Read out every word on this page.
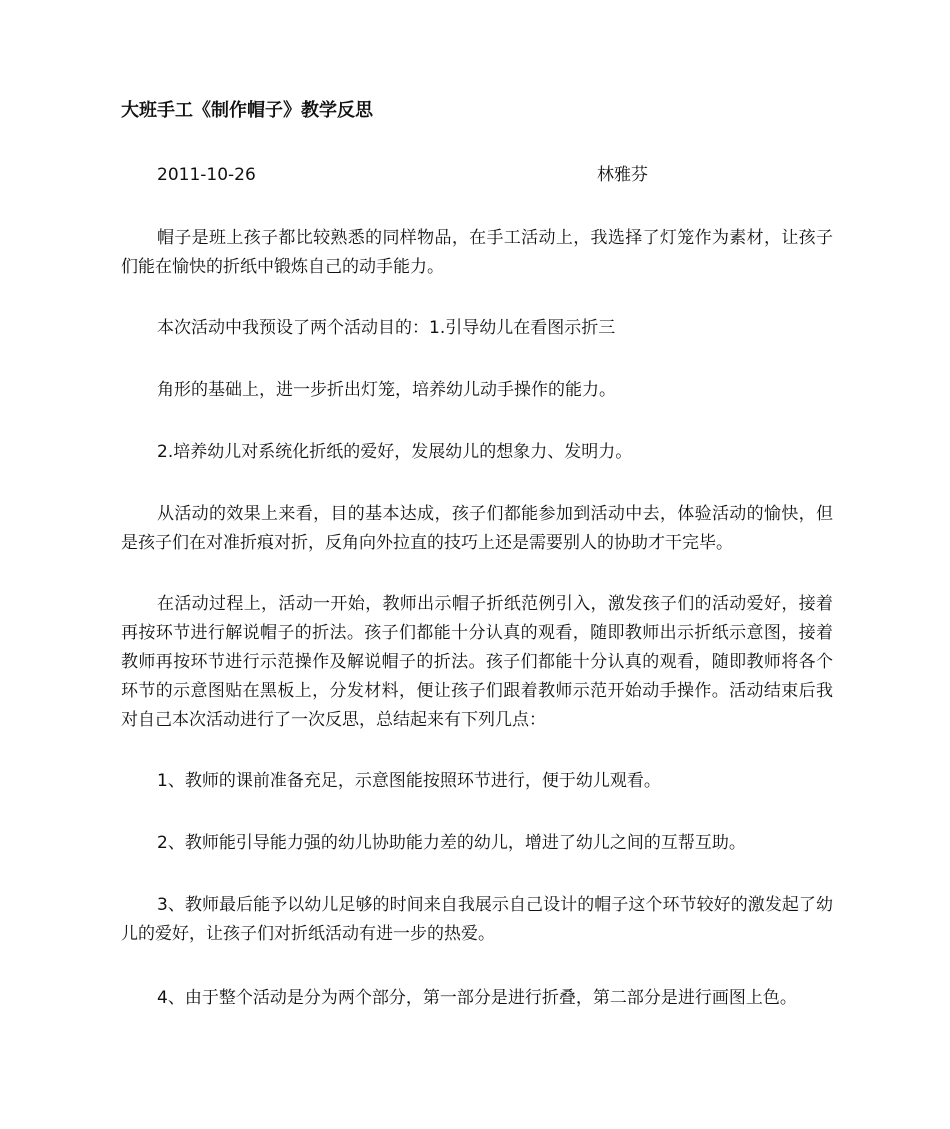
大班手工《制作帽子》教学反思
2011-10-26	林雅芬

帽子是班上孩子都比较熟悉的同样物品，在手工活动上，我选择了灯笼作为素材，让孩子们能在愉快的折纸中锻炼自己的动手能力。

本次活动中我预设了两个活动目的：1.引导幼儿在看图示折三

角形的基础上，进一步折出灯笼，培养幼儿动手操作的能力。

2.培养幼儿对系统化折纸的爱好，发展幼儿的想象力、发明力。

从活动的效果上来看，目的基本达成，孩子们都能参加到活动中去，体验活动的愉快，但是孩子们在对准折痕对折，反角向外拉直的技巧上还是需要别人的协助才干完毕。

在活动过程上，活动一开始，教师出示帽子折纸范例引入，激发孩子们的活动爱好，接着再按环节进行解说帽子的折法。孩子们都能十分认真的观看，随即教师出示折纸示意图，接着教师再按环节进行示范操作及解说帽子的折法。孩子们都能十分认真的观看，随即教师将各个环节的示意图贴在黑板上，分发材料，便让孩子们跟着教师示范开始动手操作。活动结束后我对自己本次活动进行了一次反思，总结起来有下列几点：

1、教师的课前准备充足，示意图能按照环节进行，便于幼儿观看。

2、教师能引导能力强的幼儿协助能力差的幼儿，增进了幼儿之间的互帮互助。

3、教师最后能予以幼儿足够的时间来自我展示自己设计的帽子这个环节较好的激发起了幼儿的爱好，让孩子们对折纸活动有进一步的热爱。

4、由于整个活动是分为两个部分，第一部分是进行折叠，第二部分是进行画图上色。
